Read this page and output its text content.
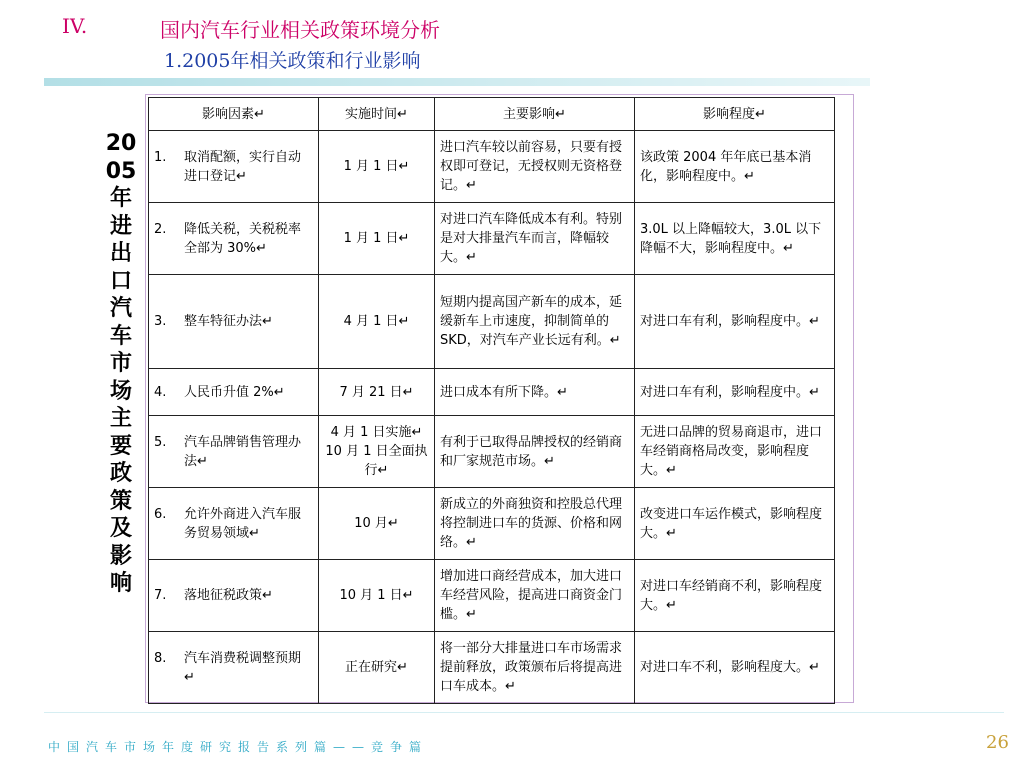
IV.	国内汽车行业相关政策环境分析
1.2005年相关政策和行业影响
20
05
年
进
出
口
汽
车
市
场
主
要
政
策
及
影
响
影响因素↵	实施时间↵	主要影响↵	影响程度↵
1. 取消配额，实行自动进口登记↵	1 月 1 日↵	进口汽车较以前容易，只要有授权即可登记，无授权则无资格登记。↵	该政策 2004 年年底已基本消化，影响程度中。↵
2. 降低关税，关税税率全部为 30%↵	1 月 1 日↵	对进口汽车降低成本有利。特别是对大排量汽车而言，降幅较大。↵	3.0L 以上降幅较大，3.0L 以下降幅不大，影响程度中。↵
3. 整车特征办法↵	4 月 1 日↵	短期内提高国产新车的成本，延缓新车上市速度，抑制简单的 SKD，对汽车产业长远有利。↵	对进口车有利，影响程度中。↵
4. 人民币升值 2%↵	7 月 21 日↵	进口成本有所下降。↵	对进口车有利，影响程度中。↵
5. 汽车品牌销售管理办法↵	4 月 1 日实施↵ 10 月 1 日全面执行↵	有利于已取得品牌授权的经销商和厂家规范市场。↵	无进口品牌的贸易商退市，进口车经销商格局改变，影响程度大。↵
6. 允许外商进入汽车服务贸易领域↵	10 月↵	新成立的外商独资和控股总代理将控制进口车的货源、价格和网络。↵	改变进口车运作模式，影响程度大。↵
7. 落地征税政策↵	10 月 1 日↵	增加进口商经营成本，加大进口车经营风险，提高进口商资金门槛。↵	对进口车经销商不利，影响程度大。↵
8. 汽车消费税调整预期↵	正在研究↵	将一部分大排量进口车市场需求提前释放，政策颁布后将提高进口车成本。↵	对进口车不利，影响程度大。↵
中国汽车市场年度研究报告系列篇——竞争篇	26
